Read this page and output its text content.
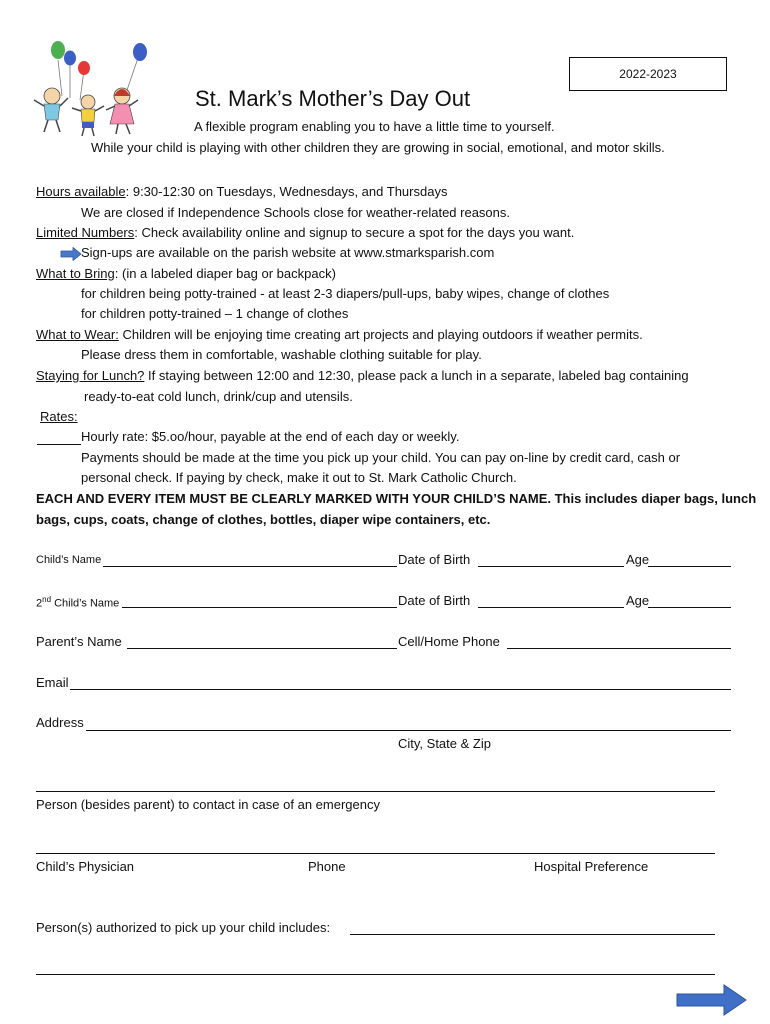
2022-2023
St. Mark’s Mother’s Day Out
A flexible program enabling you to have a little time to yourself.
While your child is playing with other children they are growing in social, emotional, and motor skills.
Hours available: 9:30-12:30 on Tuesdays, Wednesdays, and Thursdays
We are closed if Independence Schools close for weather-related reasons.
Limited Numbers: Check availability online and signup to secure a spot for the days you want.
Sign-ups are available on the parish website at www.stmarksparish.com
What to Bring: (in a labeled diaper bag or backpack)
for children being potty-trained - at least 2-3 diapers/pull-ups, baby wipes, change of clothes
for children potty-trained – 1 change of clothes
What to Wear: Children will be enjoying time creating art projects and playing outdoors if weather permits.
Please dress them in comfortable, washable clothing suitable for play.
Staying for Lunch? If staying between 12:00 and 12:30, please pack a lunch in a separate, labeled bag containing
ready-to-eat cold lunch, drink/cup and utensils.
Rates:
Hourly rate: $5.oo/hour, payable at the end of each day or weekly.
Payments should be made at the time you pick up your child. You can pay on-line by credit card, cash or
personal check. If paying by check, make it out to St. Mark Catholic Church.
EACH AND EVERY ITEM MUST BE CLEARLY MARKED WITH YOUR CHILD’S NAME. This includes diaper bags, lunch
bags, cups, coats, change of clothes, bottles, diaper wipe containers, etc.
Child’s Name	Date of Birth	Age
2nd Child’s Name	Date of Birth	Age
Parent’s Name	Cell/Home Phone
Email
Address
City, State & Zip
Person (besides parent) to contact in case of an emergency
Child’s Physician	Phone	Hospital Preference
Person(s) authorized to pick up your child includes:
